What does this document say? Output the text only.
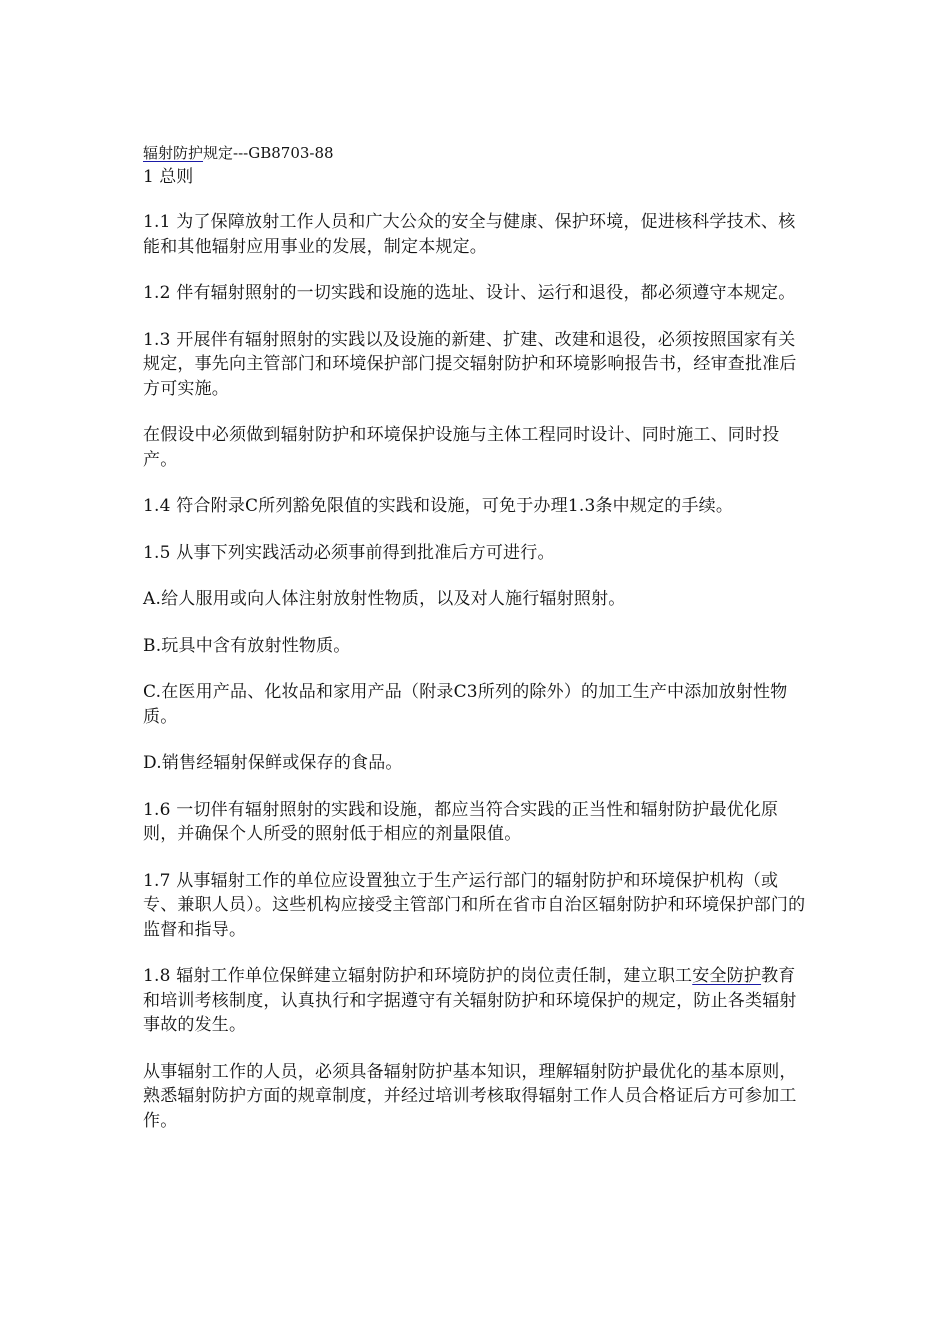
辐射防护规定---GB8703-88
1 总则

1.1 为了保障放射工作人员和广大公众的安全与健康、保护环境，促进核科学技术、核能和其他辐射应用事业的发展，制定本规定。

1.2 伴有辐射照射的一切实践和设施的选址、设计、运行和退役，都必须遵守本规定。

1.3 开展伴有辐射照射的实践以及设施的新建、扩建、改建和退役，必须按照国家有关规定，事先向主管部门和环境保护部门提交辐射防护和环境影响报告书，经审查批准后方可实施。

在假设中必须做到辐射防护和环境保护设施与主体工程同时设计、同时施工、同时投产。

1.4 符合附录C所列豁免限值的实践和设施，可免于办理1.3条中规定的手续。

1.5 从事下列实践活动必须事前得到批准后方可进行。

A.给人服用或向人体注射放射性物质，以及对人施行辐射照射。

B.玩具中含有放射性物质。

C.在医用产品、化妆品和家用产品（附录C3所列的除外）的加工生产中添加放射性物质。

D.销售经辐射保鲜或保存的食品。

1.6 一切伴有辐射照射的实践和设施，都应当符合实践的正当性和辐射防护最优化原则，并确保个人所受的照射低于相应的剂量限值。

1.7 从事辐射工作的单位应设置独立于生产运行部门的辐射防护和环境保护机构（或专、兼职人员）。这些机构应接受主管部门和所在省市自治区辐射防护和环境保护部门的监督和指导。

1.8 辐射工作单位保鲜建立辐射防护和环境防护的岗位责任制，建立职工安全防护教育和培训考核制度，认真执行和字据遵守有关辐射防护和环境保护的规定，防止各类辐射事故的发生。

从事辐射工作的人员，必须具备辐射防护基本知识，理解辐射防护最优化的基本原则，熟悉辐射防护方面的规章制度，并经过培训考核取得辐射工作人员合格证后方可参加工作。
